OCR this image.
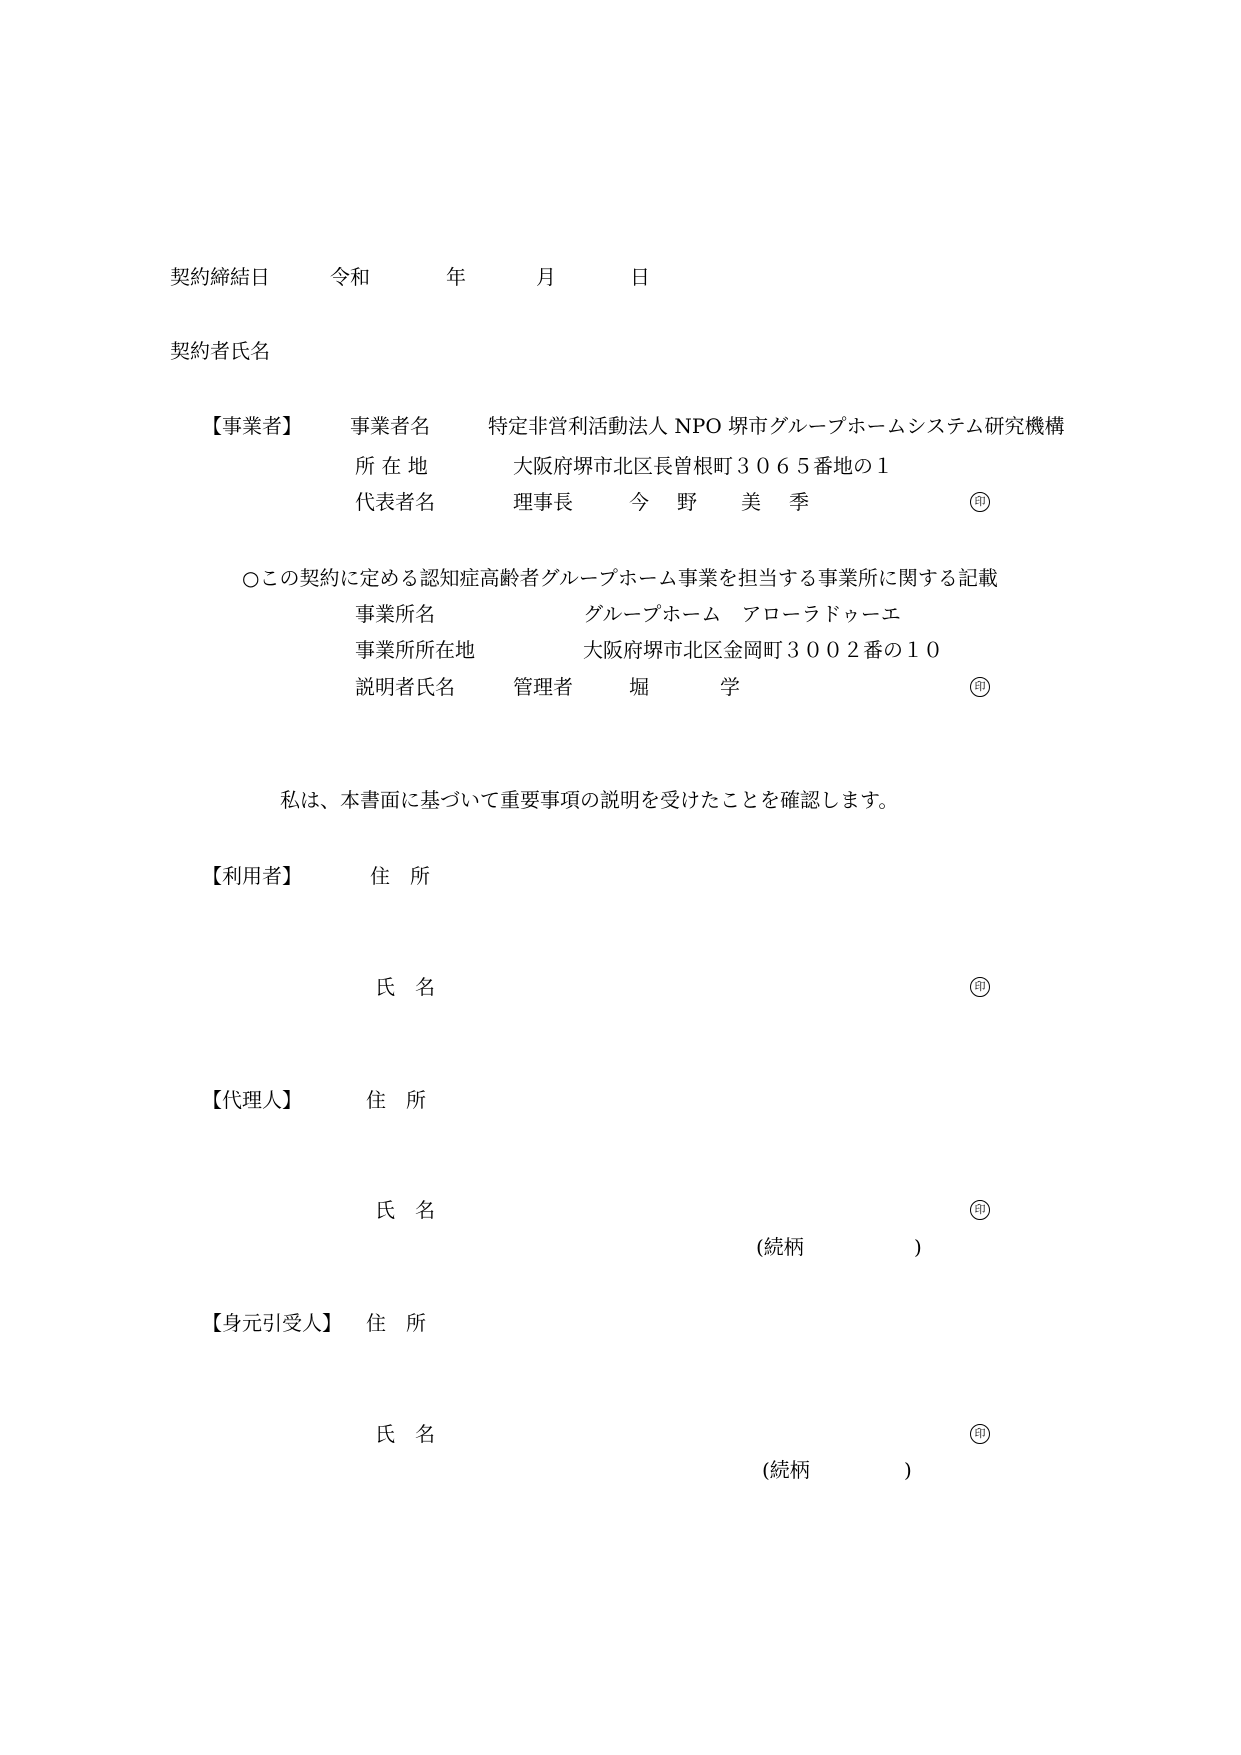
契約締結日	令和	年	月	日
契約者氏名
【事業者】 事業者名	特定非営利活動法人 NPO 堺市グループホームシステム研究機構
所 在 地	大阪府堺市北区長曽根町３０６５番地の１
代表者名	理事長	今 野 美 季	印
○この契約に定める認知症高齢者グループホーム事業を担当する事業所に関する記載
事業所名	グループホーム　アローラドゥーエ
事業所所在地	大阪府堺市北区金岡町３００２番の１０
説明者氏名	管理者	堀	学	印
私は、本書面に基づいて重要事項の説明を受けたことを確認します。
【利用者】	住　所
氏　名	印
【代理人】	住　所
氏　名	印
(続柄	)
【身元引受人】 住　所
氏　名	印
(続柄	)
